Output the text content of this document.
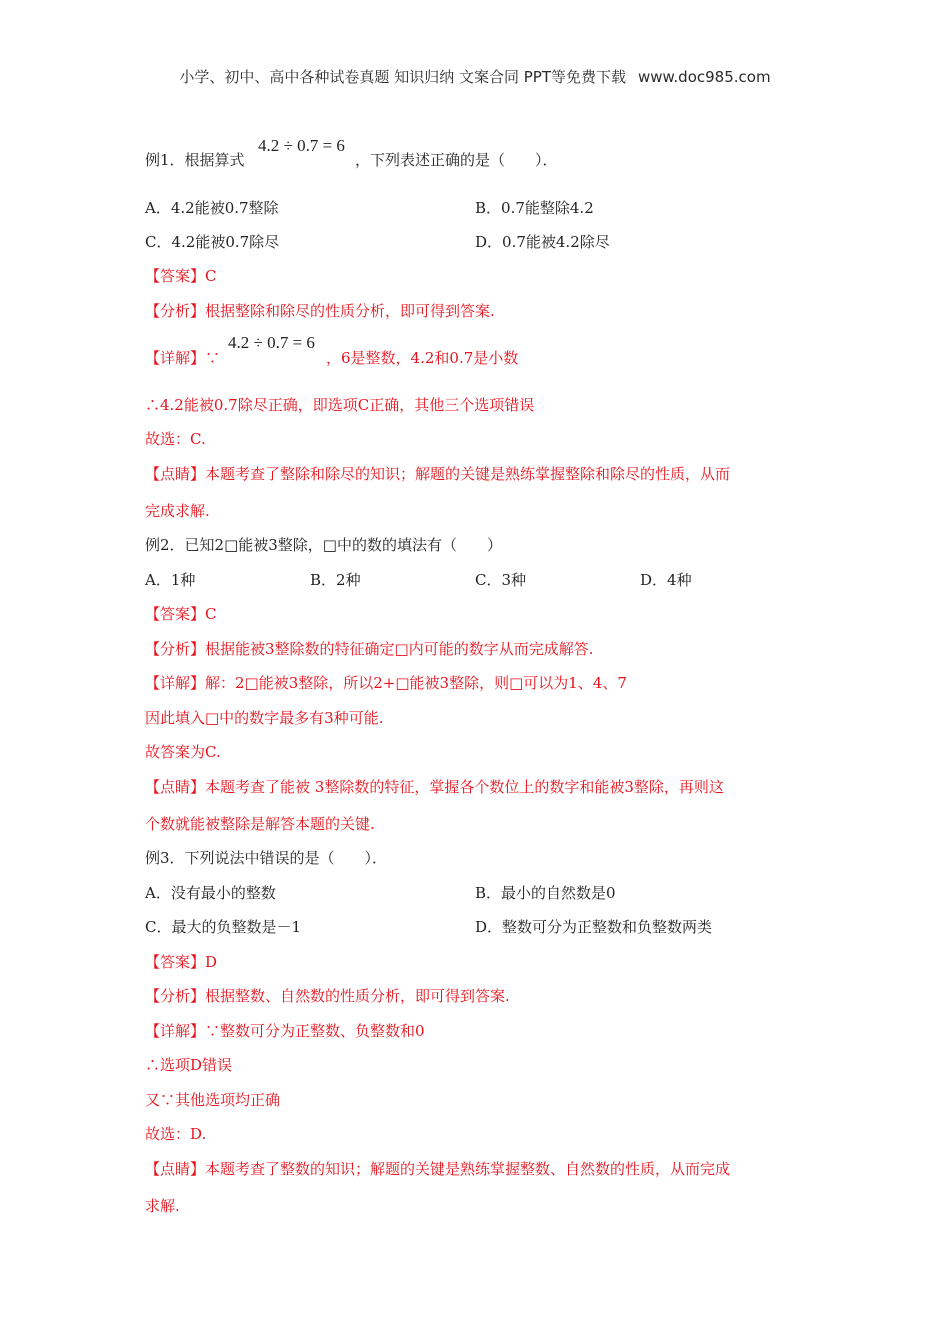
小学、初中、高中各种试卷真题 知识归纳 文案合同 PPT等免费下载 www.doc985.com
例1．根据算式
4.2 ÷ 0.7 = 6
，下列表述正确的是（　　）．
A．4.2能被0.7整除	B．0.7能整除4.2
C．4.2能被0.7除尽	D．0.7能被4.2除尽
【答案】C
【分析】根据整除和除尽的性质分析，即可得到答案.
【详解】∵
4.2 ÷ 0.7 = 6
，6是整数，4.2和0.7是小数
∴4.2能被0.7除尽正确，即选项C正确，其他三个选项错误
故选：C.
【点睛】本题考查了整除和除尽的知识；解题的关键是熟练掌握整除和除尽的性质，从而
完成求解.
例2．已知2□能被3整除，□中的数的填法有（　　）
A．1种	B．2种	C．3种	D．4种
【答案】C
【分析】根据能被3整除数的特征确定□内可能的数字从而完成解答.
【详解】解：2□能被3整除，所以2+□能被3整除，则□可以为1、4、7
因此填入□中的数字最多有3种可能.
故答案为C.
【点睛】本题考查了能被 3整除数的特征，掌握各个数位上的数字和能被3整除，再则这
个数就能被整除是解答本题的关键.
例3．下列说法中错误的是（　　）．
A．没有最小的整数	B．最小的自然数是0
C．最大的负整数是－1	D．整数可分为正整数和负整数两类
【答案】D
【分析】根据整数、自然数的性质分析，即可得到答案.
【详解】∵整数可分为正整数、负整数和0
∴选项D错误
又∵其他选项均正确
故选：D.
【点睛】本题考查了整数的知识；解题的关键是熟练掌握整数、自然数的性质，从而完成
求解.
